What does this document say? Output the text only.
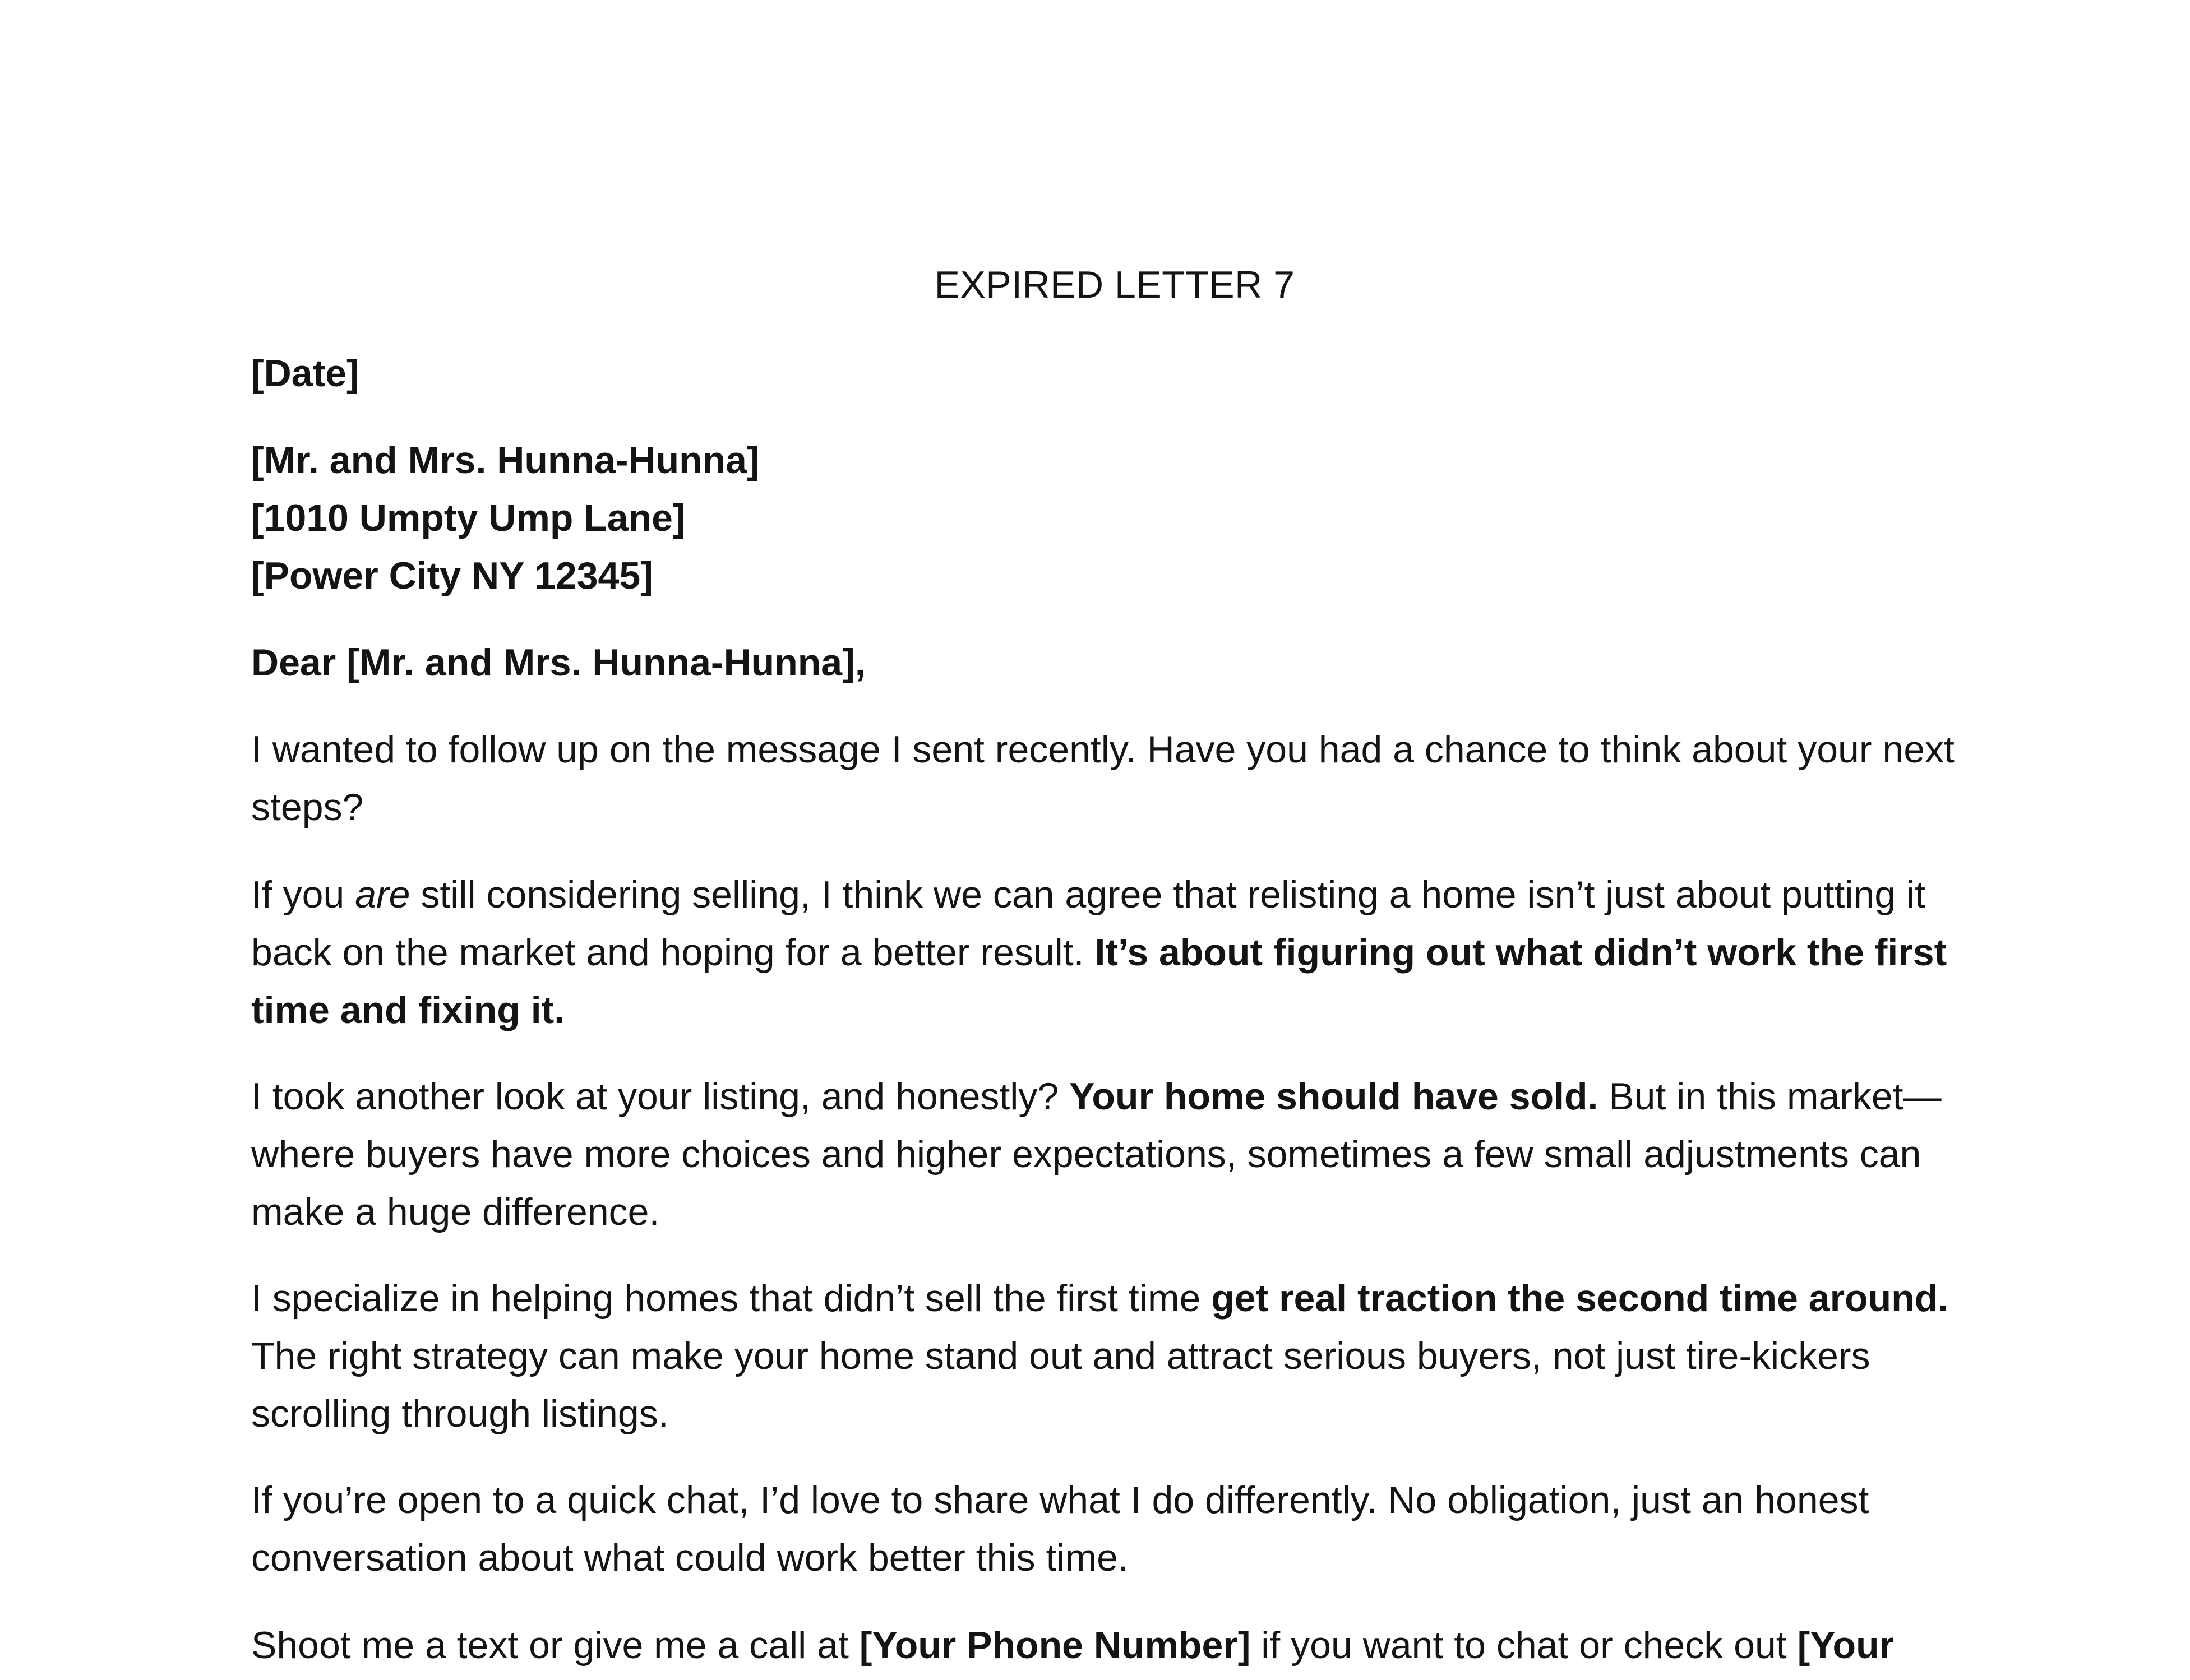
EXPIRED LETTER 7
[Date]

[Mr. and Mrs. Hunna-Hunna]

[1010 Umpty Ump Lane]

[Power City NY 12345]

Dear [Mr. and Mrs. Hunna-Hunna],
I wanted to follow up on the message I sent recently. Have you had a chance to think about your next steps?
If you are still considering selling, I think we can agree that relisting a home isn’t just about putting it back on the market and hoping for a better result. It’s about figuring out what didn’t work the first time and fixing it.
I took another look at your listing, and honestly? Your home should have sold. But in this market—where buyers have more choices and higher expectations, sometimes a few small adjustments can make a huge difference.
I specialize in helping homes that didn’t sell the first time get real traction the second time around. The right strategy can make your home stand out and attract serious buyers, not just tire-kickers scrolling through listings.
If you’re open to a quick chat, I’d love to share what I do differently. No obligation, just an honest conversation about what could work better this time.
Shoot me a text or give me a call at [Your Phone Number] if you want to chat or check out [Your
